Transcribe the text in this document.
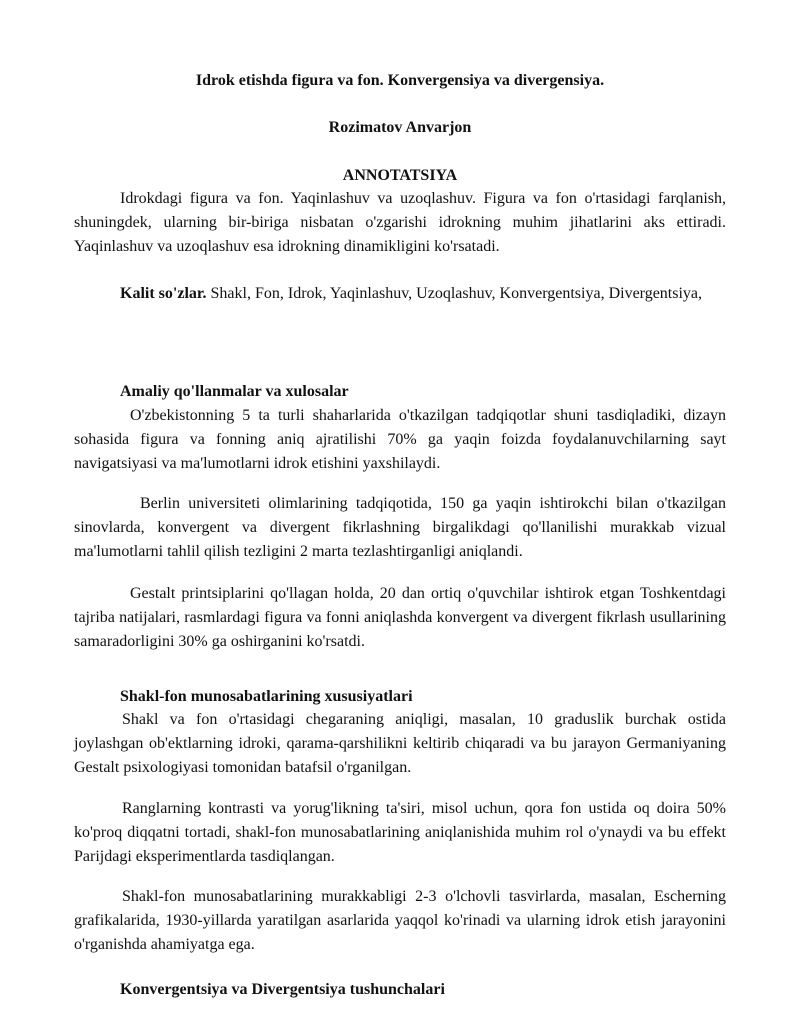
Idrok etishda figura va fon. Konvergensiya va divergensiya.
Rozimatov Anvarjon
ANNOTATSIYA
Idrokdagi figura va fon. Yaqinlashuv va uzoqlashuv. Figura va fon o'rtasidagi farqlanish, shuningdek, ularning bir-biriga nisbatan o'zgarishi idrokning muhim jihatlarini aks ettiradi. Yaqinlashuv va uzoqlashuv esa idrokning dinamikligini ko'rsatadi.
Kalit so'zlar. Shakl, Fon, Idrok, Yaqinlashuv, Uzoqlashuv, Konvergentsiya, Divergentsiya,
Amaliy qo'llanmalar va xulosalar
O'zbekistonning 5 ta turli shaharlarida o'tkazilgan tadqiqotlar shuni tasdiqladiki, dizayn sohasida figura va fonning aniq ajratilishi 70% ga yaqin foizda foydalanuvchilarning sayt navigatsiyasi va ma'lumotlarni idrok etishini yaxshilaydi.
Berlin universiteti olimlarining tadqiqotida, 150 ga yaqin ishtirokchi bilan o'tkazilgan sinovlarda, konvergent va divergent fikrlashning birgalikdagi qo'llanilishi murakkab vizual ma'lumotlarni tahlil qilish tezligini 2 marta tezlashtirganligi aniqlandi.
Gestalt printsiplarini qo'llagan holda, 20 dan ortiq o'quvchilar ishtirok etgan Toshkentdagi tajriba natijalari, rasmlardagi figura va fonni aniqlashda konvergent va divergent fikrlash usullarining samaradorligini 30% ga oshirganini ko'rsatdi.
Shakl-fon munosabatlarining xususiyatlari
Shakl va fon o'rtasidagi chegaraning aniqligi, masalan, 10 graduslik burchak ostida joylashgan ob'ektlarning idroki, qarama-qarshilikni keltirib chiqaradi va bu jarayon Germaniyaning Gestalt psixologiyasi tomonidan batafsil o'rganilgan.
Ranglarning kontrasti va yorug'likning ta'siri, misol uchun, qora fon ustida oq doira 50% ko'proq diqqatni tortadi, shakl-fon munosabatlarining aniqlanishida muhim rol o'ynaydi va bu effekt Parijdagi eksperimentlarda tasdiqlangan.
Shakl-fon munosabatlarining murakkabligi 2-3 o'lchovli tasvirlarda, masalan, Escherning grafikalarida, 1930-yillarda yaratilgan asarlarida yaqqol ko'rinadi va ularning idrok etish jarayonini o'rganishda ahamiyatga ega.
Konvergentsiya va Divergentsiya tushunchalari
